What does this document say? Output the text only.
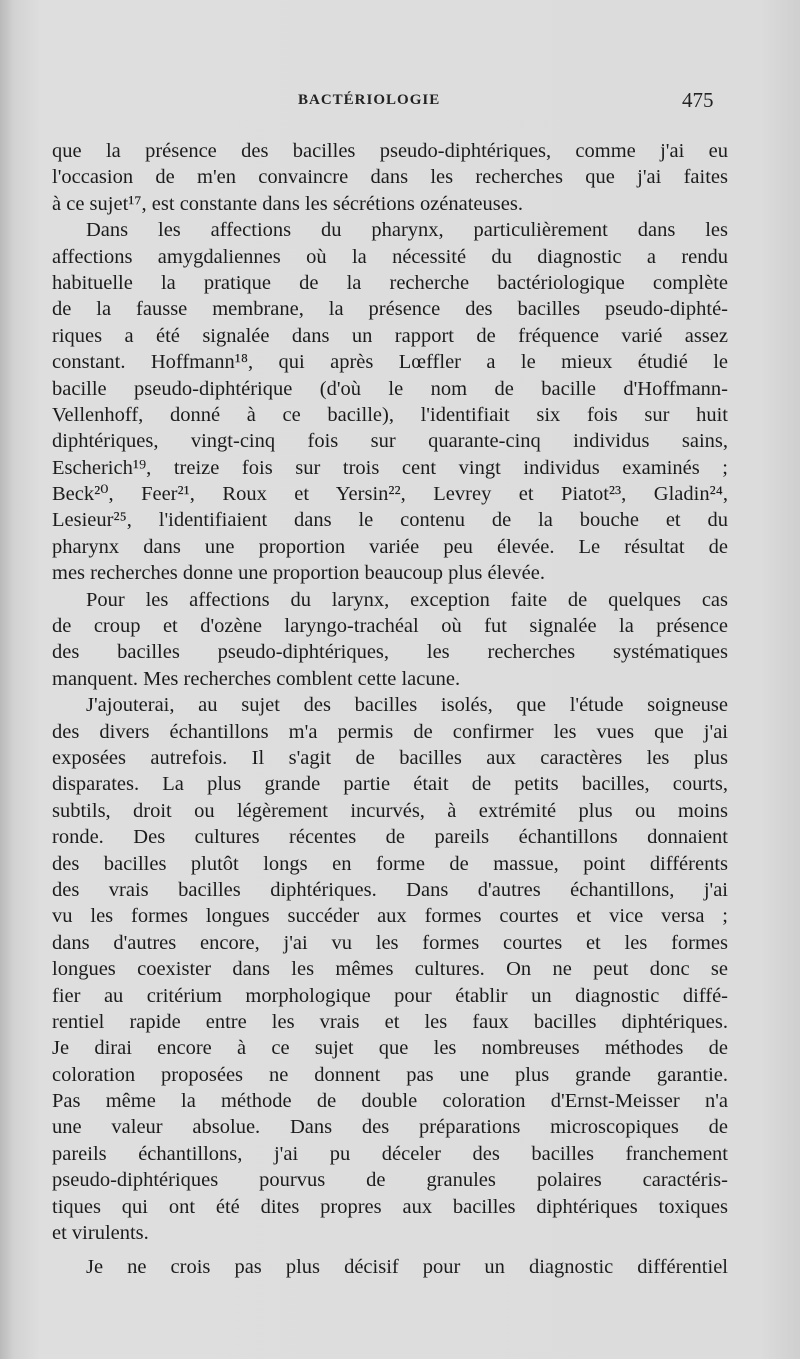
BACTÉRIOLOGIE	475
que la présence des bacilles pseudo-diphtériques, comme j'ai eu
l'occasion de m'en convaincre dans les recherches que j'ai faites
à ce sujet¹⁷, est constante dans les sécrétions ozénateuses.
Dans les affections du pharynx, particulièrement dans les
affections amygdaliennes où la nécessité du diagnostic a rendu
habituelle la pratique de la recherche bactériologique complète
de la fausse membrane, la présence des bacilles pseudo-diphté-
riques a été signalée dans un rapport de fréquence varié assez
constant. Hoffmann¹⁸, qui après Lœffler a le mieux étudié le
bacille pseudo-diphtérique (d'où le nom de bacille d'Hoffmann-
Vellenhoff, donné à ce bacille), l'identifiait six fois sur huit
diphtériques, vingt-cinq fois sur quarante-cinq individus sains,
Escherich¹⁹, treize fois sur trois cent vingt individus examinés ;
Beck²⁰, Feer²¹, Roux et Yersin²², Levrey et Piatot²³, Gladin²⁴,
Lesieur²⁵, l'identifiaient dans le contenu de la bouche et du
pharynx dans une proportion variée peu élevée. Le résultat de
mes recherches donne une proportion beaucoup plus élevée.
Pour les affections du larynx, exception faite de quelques cas
de croup et d'ozène laryngo-trachéal où fut signalée la présence
des bacilles pseudo-diphtériques, les recherches systématiques
manquent. Mes recherches comblent cette lacune.
J'ajouterai, au sujet des bacilles isolés, que l'étude soigneuse
des divers échantillons m'a permis de confirmer les vues que j'ai
exposées autrefois. Il s'agit de bacilles aux caractères les plus
disparates. La plus grande partie était de petits bacilles, courts,
subtils, droit ou légèrement incurvés, à extrémité plus ou moins
ronde. Des cultures récentes de pareils échantillons donnaient
des bacilles plutôt longs en forme de massue, point différents
des vrais bacilles diphtériques. Dans d'autres échantillons, j'ai
vu les formes longues succéder aux formes courtes et vice versa ;
dans d'autres encore, j'ai vu les formes courtes et les formes
longues coexister dans les mêmes cultures. On ne peut donc se
fier au critérium morphologique pour établir un diagnostic diffé-
rentiel rapide entre les vrais et les faux bacilles diphtériques.
Je dirai encore à ce sujet que les nombreuses méthodes de
coloration proposées ne donnent pas une plus grande garantie.
Pas même la méthode de double coloration d'Ernst-Meisser n'a
une valeur absolue. Dans des préparations microscopiques de
pareils échantillons, j'ai pu déceler des bacilles franchement
pseudo-diphtériques pourvus de granules polaires caractéris-
tiques qui ont été dites propres aux bacilles diphtériques toxiques
et virulents.
Je ne crois pas plus décisif pour un diagnostic différentiel
